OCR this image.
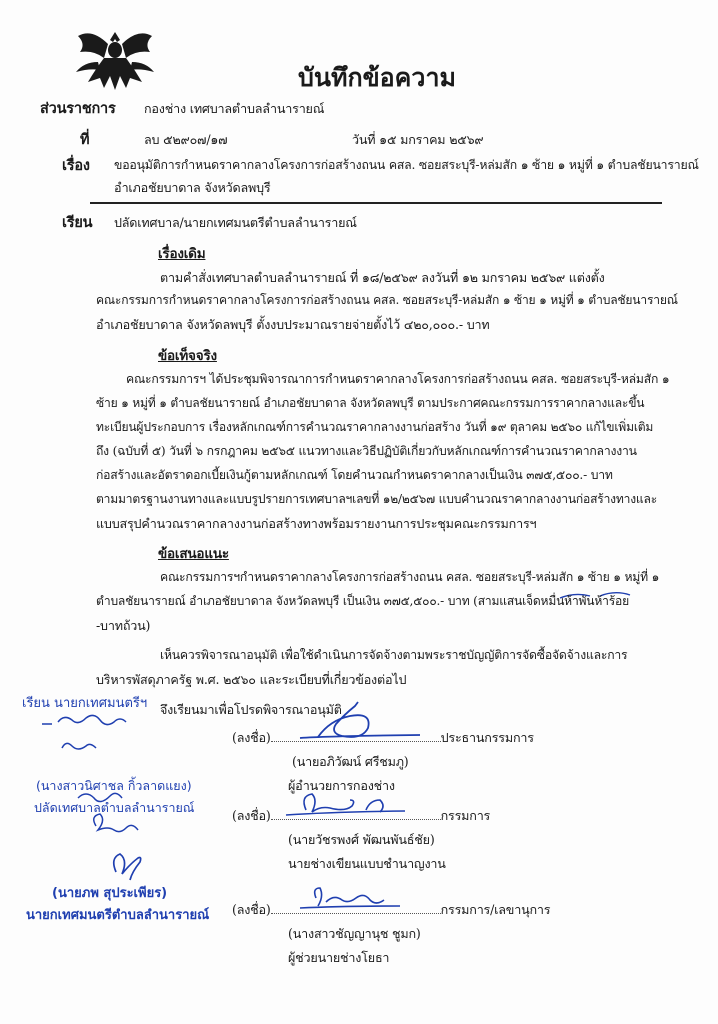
บันทึกข้อความ
ส่วนราชการ กองช่าง เทศบาลตำบลลำนารายณ์
ที่	ลบ ๕๒๙๐๗/๑๗	วันที่ ๑๕ มกราคม ๒๕๖๙
เรื่อง ขออนุมัติการกำหนดราคากลางโครงการก่อสร้างถนน คสล. ซอยสระบุรี-หล่มสัก ๑ ซ้าย ๑ หมู่ที่ ๑ ตำบลชัยนารายณ์
อำเภอชัยบาดาล จังหวัดลพบุรี
เรียน ปลัดเทศบาล/นายกเทศมนตรีตำบลลำนารายณ์
เรื่องเดิม
ตามคำสั่งเทศบาลตำบลลำนารายณ์ ที่ ๑๘/๒๕๖๙ ลงวันที่ ๑๒ มกราคม ๒๕๖๙ แต่งตั้ง
คณะกรรมการกำหนดราคากลางโครงการก่อสร้างถนน คสล. ซอยสระบุรี-หล่มสัก ๑ ซ้าย ๑ หมู่ที่ ๑ ตำบลชัยนารายณ์
อำเภอชัยบาดาล จังหวัดลพบุรี ตั้งงบประมาณรายจ่ายตั้งไว้ ๔๒๐,๐๐๐.- บาท
ข้อเท็จจริง
คณะกรรมการฯ ได้ประชุมพิจารณาการกำหนดราคากลางโครงการก่อสร้างถนน คสล. ซอยสระบุรี-หล่มสัก ๑
ซ้าย ๑ หมู่ที่ ๑ ตำบลชัยนารายณ์ อำเภอชัยบาดาล จังหวัดลพบุรี ตามประกาศคณะกรรมการราคากลางและขึ้น
ทะเบียนผู้ประกอบการ เรื่องหลักเกณฑ์การคำนวณราคากลางงานก่อสร้าง วันที่ ๑๙ ตุลาคม ๒๕๖๐ แก้ไขเพิ่มเติม
ถึง (ฉบับที่ ๕) วันที่ ๖ กรกฎาคม ๒๕๖๕ แนวทางและวิธีปฏิบัติเกี่ยวกับหลักเกณฑ์การคำนวณราคากลางงาน
ก่อสร้างและอัตราดอกเบี้ยเงินกู้ตามหลักเกณฑ์ โดยคำนวณกำหนดราคากลางเป็นเงิน ๓๗๕,๕๐๐.- บาท
ตามมาตรฐานงานทางและแบบรูปรายการเทศบาลฯเลขที่ ๑๒/๒๕๖๗ แบบคำนวณราคากลางงานก่อสร้างทางและ
แบบสรุปคำนวณราคากลางงานก่อสร้างทางพร้อมรายงานการประชุมคณะกรรมการฯ
ข้อเสนอแนะ
คณะกรรมการฯกำหนดราคากลางโครงการก่อสร้างถนน คสล. ซอยสระบุรี-หล่มสัก ๑ ซ้าย ๑ หมู่ที่ ๑
ตำบลชัยนารายณ์ อำเภอชัยบาดาล จังหวัดลพบุรี เป็นเงิน ๓๗๕,๕๐๐.- บาท (สามแสนเจ็ดหมื่นห้าพันห้าร้อย
-บาทถ้วน)
เห็นควรพิจารณาอนุมัติ เพื่อใช้ดำเนินการจัดจ้างตามพระราชบัญญัติการจัดซื้อจัดจ้างและการ
บริหารพัสดุภาครัฐ พ.ศ. ๒๕๖๐ และระเบียบที่เกี่ยวข้องต่อไป
จึงเรียนมาเพื่อโปรดพิจารณาอนุมัติ
(ลงชื่อ)	ประธานกรรมการ
(นายอภิวัฒน์ ศรีชมภู)
ผู้อำนวยการกองช่าง
(ลงชื่อ)	กรรมการ
(นายวัชรพงศ์ พัฒนพันธ์ชัย)
นายช่างเขียนแบบชำนาญงาน
(ลงชื่อ)	กรรมการ/เลขานุการ
(นางสาวชัญญานุช ชูมก)
ผู้ช่วยนายช่างโยธา
เรียน นายกเทศมนตรีฯ
(นางสาวนิศาชล กิ้วลาดแยง)
ปลัดเทศบาลตำบลลำนารายณ์
(นายภพ สุประเพียร)
นายกเทศมนตรีตำบลลำนารายณ์
